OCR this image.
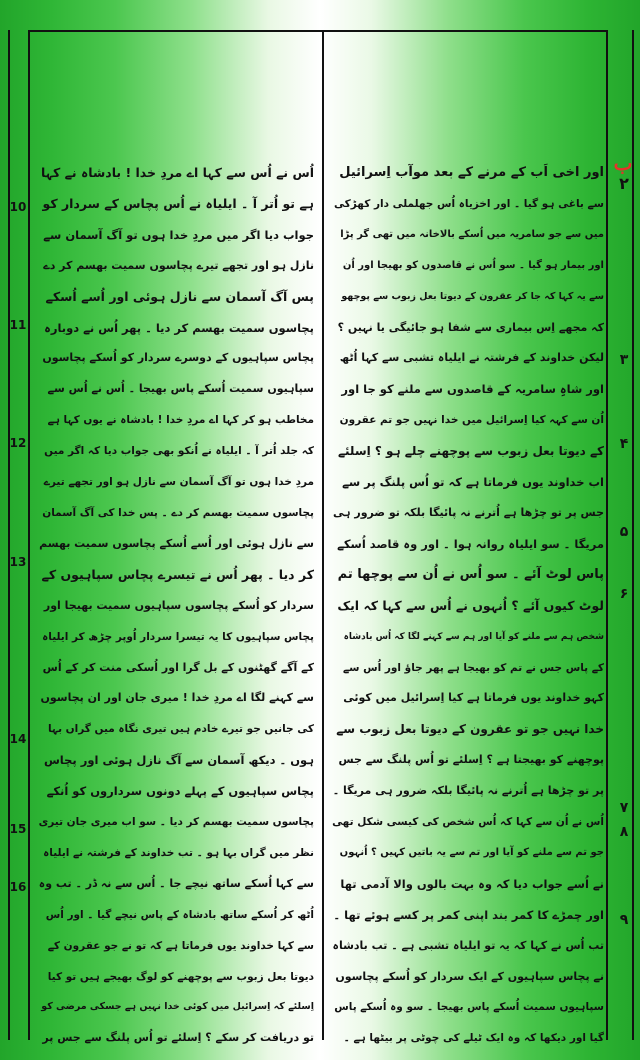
ب
۲
۳
۴
۵
۶
۷
۸
۹
10
11
12
13
14
15
16
اور اخی اَب کے مرنے کے بعد موآب اِسرائیل
سے باغی ہو گیا ۔ اور اخزیاہ اُس جھلملی دار کھڑکی
میں سے جو سامریہ میں اُسکے بالاخانہ میں تھی گر پڑا
اور بیمار ہو گیا ۔ سو اُس نے قاصدوں کو بھیجا اور اُن
سے یہ کہا کہ جا کر عقرون کے دیوتا بعل زبوب سے پوچھو
کہ مجھے اِس بیماری سے شفا ہو جائیگی یا نہیں ؟
لیکن خداوند کے فرشتہ نے ایلیاہ تشبی سے کہا اُٹھ
اور شاہِ سامریہ کے قاصدوں سے ملنے کو جا اور
اُن سے کہہ کیا اِسرائیل میں خدا نہیں جو تم عقرون
کے دیوتا بعل زبوب سے پوچھنے چلے ہو ؟ اِسلئے
اب خداوند یوں فرماتا ہے کہ تو اُس پلنگ پر سے
جس پر تو چڑھا ہے اُترنے نہ پائیگا بلکہ تو ضرور ہی
مریگا ۔ سو ایلیاہ روانہ ہوا ۔ اور وہ قاصد اُسکے
پاس لوٹ آئے ۔ سو اُس نے اُن سے پوچھا تم
لوٹ کیوں آئے ؟ اُنہوں نے اُس سے کہا کہ ایک
شخص ہم سے ملنے کو آیا اور ہم سے کہنے لگا کہ اُس بادشاہ
کے پاس جس نے تم کو بھیجا ہے پھر جاؤ اور اُس سے
کہو خداوند یوں فرماتا ہے کیا اِسرائیل میں کوئی
خدا نہیں جو تو عقرون کے دیوتا بعل زبوب سے
پوچھنے کو بھیجتا ہے ؟ اِسلئے تو اُس پلنگ سے جس
پر تو چڑھا ہے اُترنے نہ پائیگا بلکہ ضرور ہی مریگا ۔
اُس نے اُن سے کہا کہ اُس شخص کی کیسی شکل تھی
جو تم سے ملنے کو آیا اور تم سے یہ باتیں کہیں ؟ اُنہوں
نے اُسے جواب دیا کہ وہ بہت بالوں والا آدمی تھا
اور چمڑے کا کمر بند اپنی کمر پر کسے ہوئے تھا ۔
تب اُس نے کہا کہ یہ تو ایلیاہ تشبی ہے ۔ تب بادشاہ
نے پچاس سپاہیوں کے ایک سردار کو اُسکے پچاسوں
سپاہیوں سمیت اُسکے پاس بھیجا ۔ سو وہ اُسکے پاس
گیا اور دیکھا کہ وہ ایک ٹیلے کی چوٹی پر بیٹھا ہے ۔
اُس نے اُس سے کہا اے مردِ خدا ! بادشاہ نے کہا
ہے تو اُتر آ ۔ ایلیاہ نے اُس پچاس کے سردار کو
جواب دیا اگر میں مردِ خدا ہوں تو آگ آسمان سے
نازل ہو اور تجھے تیرے پچاسوں سمیت بھسم کر دے
پس آگ آسمان سے نازل ہوئی اور اُسے اُسکے
پچاسوں سمیت بھسم کر دیا ۔ پھر اُس نے دوبارہ
پچاس سپاہیوں کے دوسرے سردار کو اُسکے پچاسوں
سپاہیوں سمیت اُسکے پاس بھیجا ۔ اُس نے اُس سے
مخاطب ہو کر کہا اے مردِ خدا ! بادشاہ نے یوں کہا ہے
کہ جلد اُتر آ ۔ ایلیاہ نے اُنکو بھی جواب دیا کہ اگر میں
مردِ خدا ہوں تو آگ آسمان سے نازل ہو اور تجھے تیرے
پچاسوں سمیت بھسم کر دے ۔ پس خدا کی آگ آسمان
سے نازل ہوئی اور اُسے اُسکے پچاسوں سمیت بھسم
کر دیا ۔ پھر اُس نے تیسرے پچاس سپاہیوں کے
سردار کو اُسکے پچاسوں سپاہیوں سمیت بھیجا اور
پچاس سپاہیوں کا یہ تیسرا سردار اُوپر چڑھ کر ایلیاہ
کے آگے گھٹنوں کے بل گرا اور اُسکی منت کر کے اُس
سے کہنے لگا اے مردِ خدا ! میری جان اور ان پچاسوں
کی جانیں جو تیرے خادم ہیں تیری نگاہ میں گراں بہا
ہوں ۔ دیکھ آسمان سے آگ نازل ہوئی اور پچاس
پچاس سپاہیوں کے پہلے دونوں سرداروں کو اُنکے
پچاسوں سمیت بھسم کر دیا ۔ سو اب میری جان تیری
نظر میں گراں بہا ہو ۔ تب خداوند کے فرشتہ نے ایلیاہ
سے کہا اُسکے ساتھ نیچے جا ۔ اُس سے نہ ڈر ۔ تب وہ
اُٹھ کر اُسکے ساتھ بادشاہ کے پاس نیچے گیا ۔ اور اُس
سے کہا خداوند یوں فرماتا ہے کہ تو نے جو عقرون کے
دیوتا بعل زبوب سے پوچھنے کو لوگ بھیجے ہیں تو کیا
اِسلئے کہ اِسرائیل میں کوئی خدا نہیں ہے جسکی مرضی کو
تو دریافت کر سکے ؟ اِسلئے تو اُس پلنگ سے جس پر
